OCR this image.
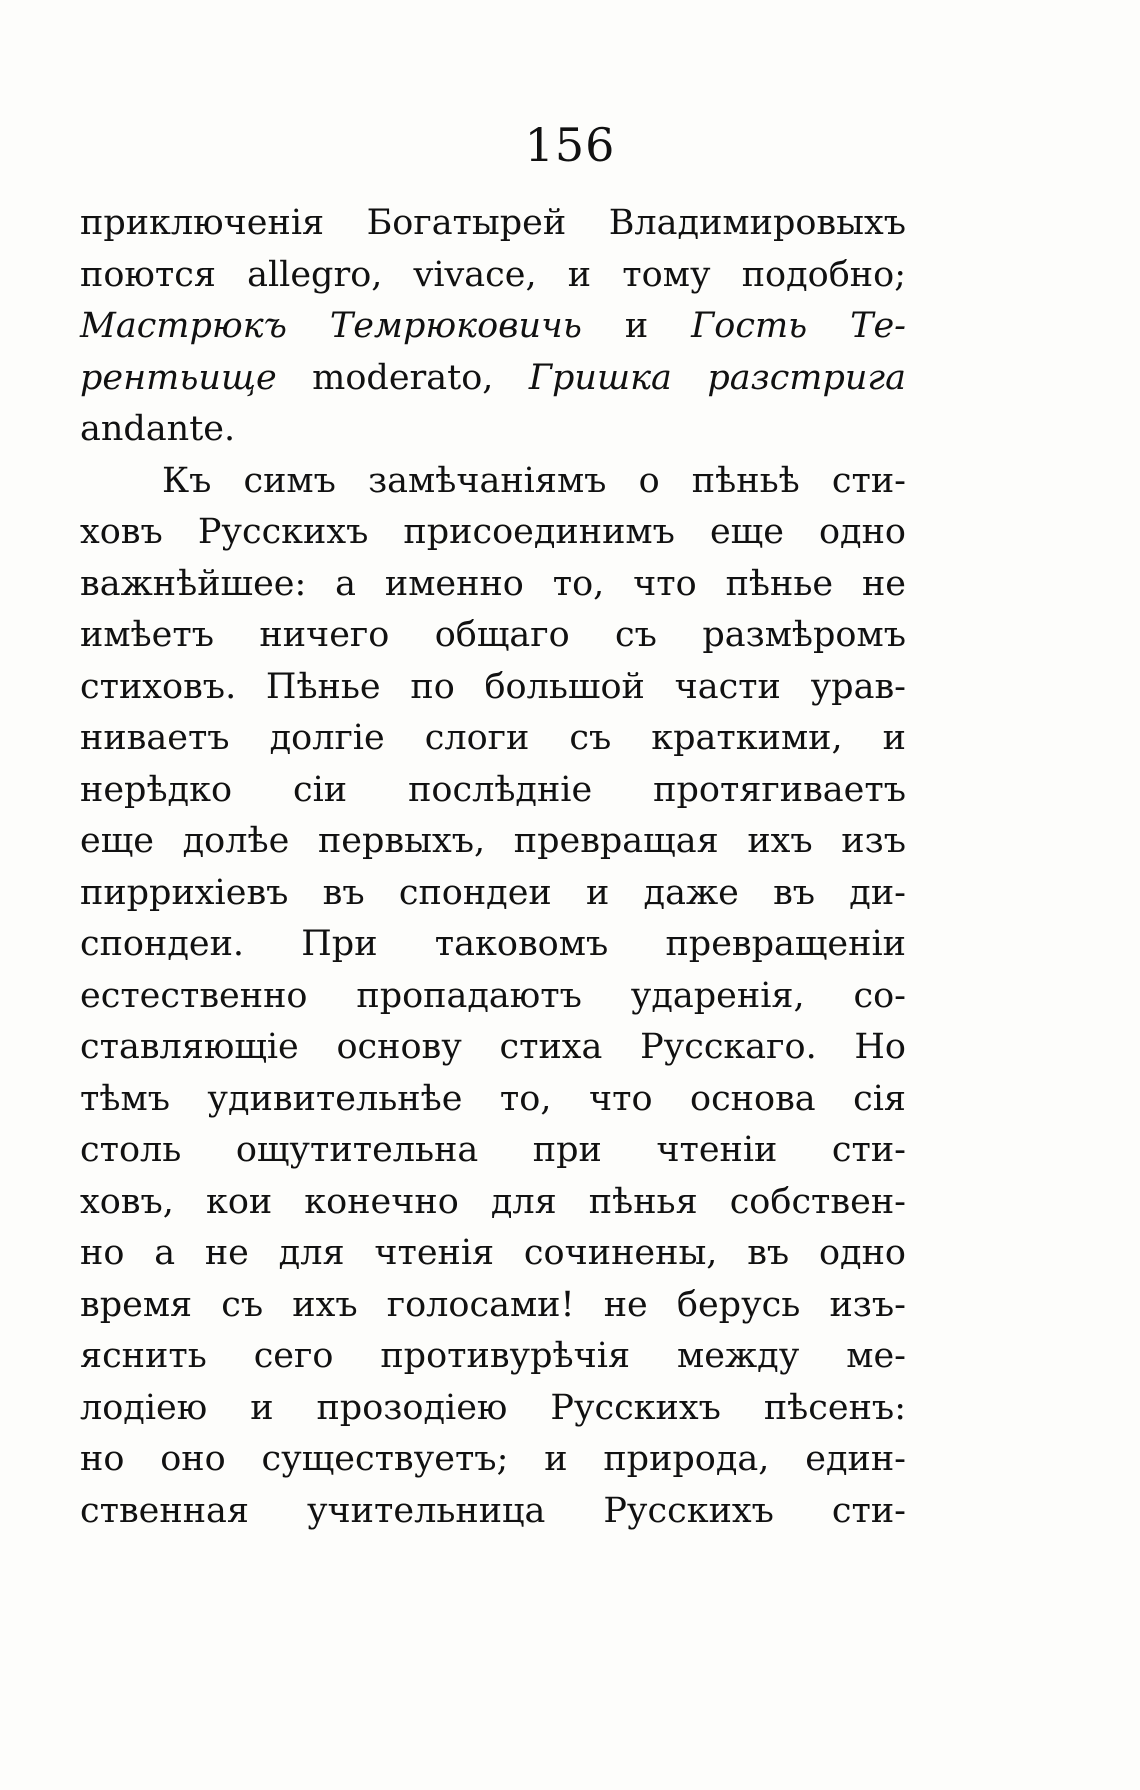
156
приключенія Богатырей Владимировыхъ
поются allegro, vivace, и тому подобно;
Мастрюкъ Темрюковичь и Гость Те-
рентьище moderato, Гришка разстрига
andante.
Къ симъ замѣчаніямъ о пѣньѣ сти-
ховъ Русскихъ присоединимъ еще одно
важнѣйшее: а именно то, что пѣнье не
имѣетъ ничего общаго съ размѣромъ
стиховъ. Пѣнье по большой части урав-
ниваетъ долгіе слоги съ краткими, и
нерѣдко сіи послѣдніе протягиваетъ
еще долѣе первыхъ, превращая ихъ изъ
пиррихіевъ въ спондеи и даже въ ди-
спондеи. При таковомъ превращеніи
естественно пропадаютъ ударенія, со-
ставляющіе основу стиха Русскаго. Но
тѣмъ удивительнѣе то, что основа сія
столь ощутительна при чтеніи сти-
ховъ, кои конечно для пѣнья собствен-
но а не для чтенія сочинены, въ одно
время съ ихъ голосами! не берусь изъ-
яснить сего противурѣчія между ме-
лодіею и прозодіею Русскихъ пѣсенъ:
но оно существуетъ; и природа, един-
ственная учительница Русскихъ сти-
